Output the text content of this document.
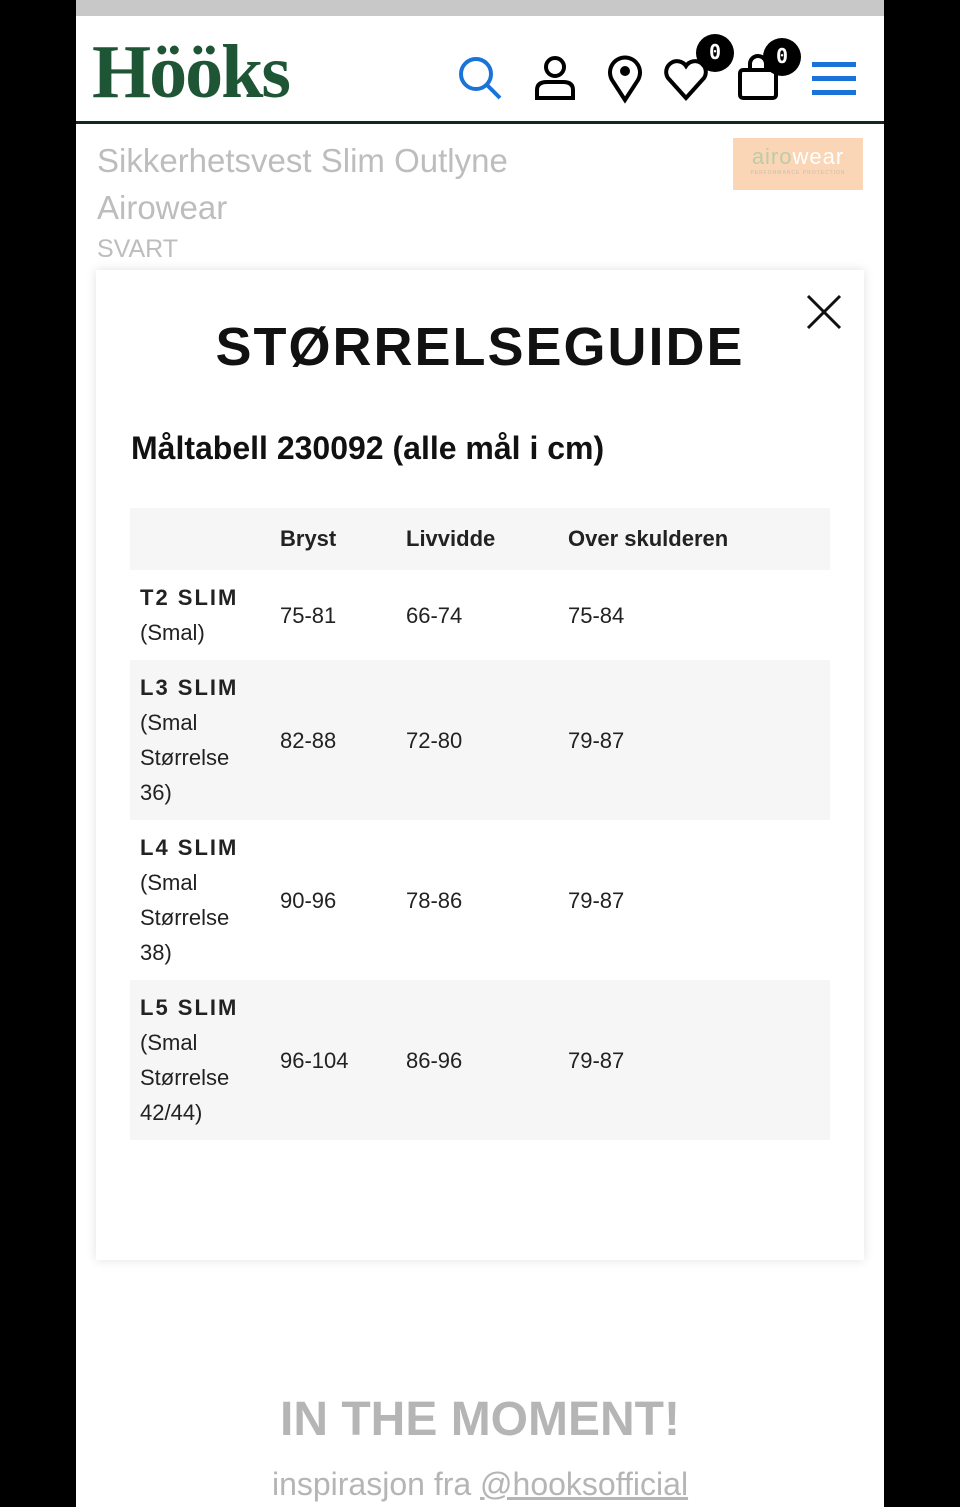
Hööks	0	0
Sikkerhetsvest Slim Outlyne Airowear
SVART
airowear
PERFORMANCE PROTECTION
STØRRELSEGUIDE
Måltabell 230092 (alle mål i cm)
	Bryst	Livvidde	Over skulderen

T2 SLIM
(Smal)	75-81	66-74	75-84

L3 SLIM
(Smal Størrelse 36)	82-88	72-80	79-87

L4 SLIM
(Smal Størrelse 38)	90-96	78-86	79-87

L5 SLIM
(Smal Størrelse 42/44)	96-104	86-96	79-87
IN THE MOMENT!
inspirasjon fra @hooksofficial
